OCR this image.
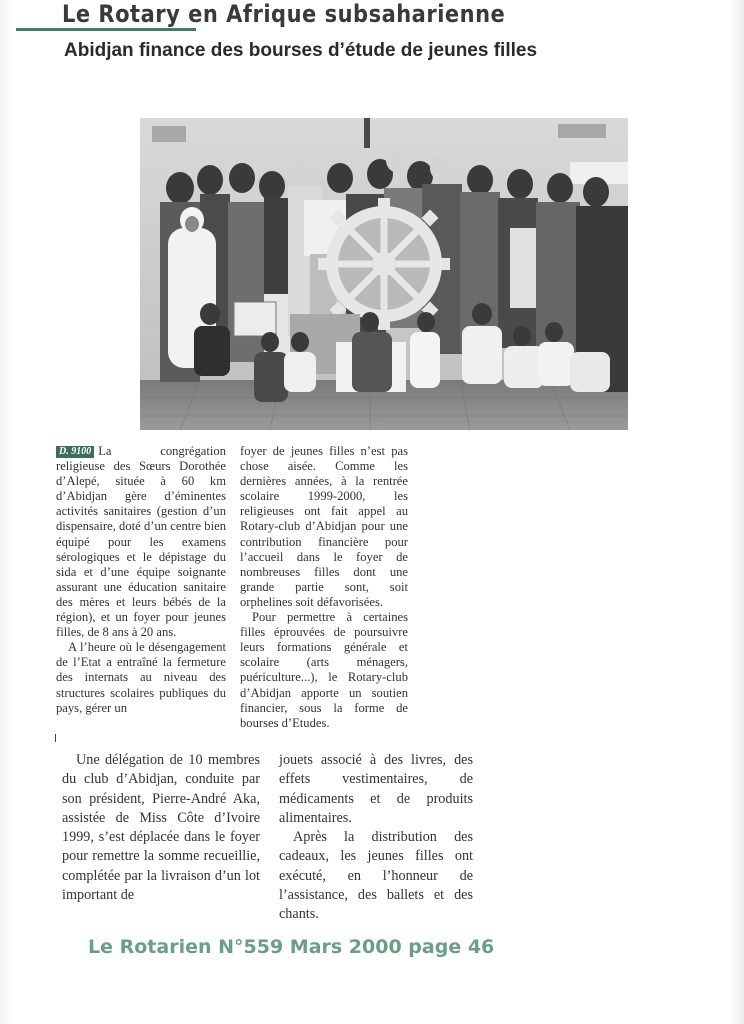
Le Rotary en Afrique subsaharienne
Abidjan finance des bourses d’étude de jeunes filles

D. 9100 La congrégation religieuse des Sœurs Dorothée d’Alepé, située à 60 km d’Abidjan gère d’éminentes activités sanitaires (gestion d’un dispensaire, doté d’un centre bien équipé pour les examens sérologiques et le dépistage du sida et d’une équipe soignante assurant une éducation sanitaire des mères et leurs bébés de la région), et un foyer pour jeunes filles, de 8 ans à 20 ans.

A l’heure où le désengagement de l’Etat a entraîné la fermeture des internats au niveau des structures scolaires publiques du pays, gérer un

foyer de jeunes filles n’est pas chose aisée. Comme les dernières années, à la rentrée scolaire 1999-2000, les religieuses ont fait appel au Rotary-club d’Abidjan pour une contribution financière pour l’accueil dans le foyer de nombreuses filles dont une grande partie sont, soit orphelines soit défavorisées.

Pour permettre à certaines filles éprouvées de poursuivre leurs formations générale et scolaire (arts ménagers, puériculture...), le Rotary-club d’Abidjan apporte un soutien financier, sous la forme de bourses d’Etudes.

Une délégation de 10 membres du club d’Abidjan, conduite par son président, Pierre-André Aka, assistée de Miss Côte d’Ivoire 1999, s’est déplacée dans le foyer pour remettre la somme recueillie, complétée par la livraison d’un lot important de

jouets associé à des livres, des effets vestimentaires, de médicaments et de produits alimentaires.

Après la distribution des cadeaux, les jeunes filles ont exécuté, en l’honneur de l’assistance, des ballets et des chants.

Le Rotarien N°559 Mars 2000 page 46
